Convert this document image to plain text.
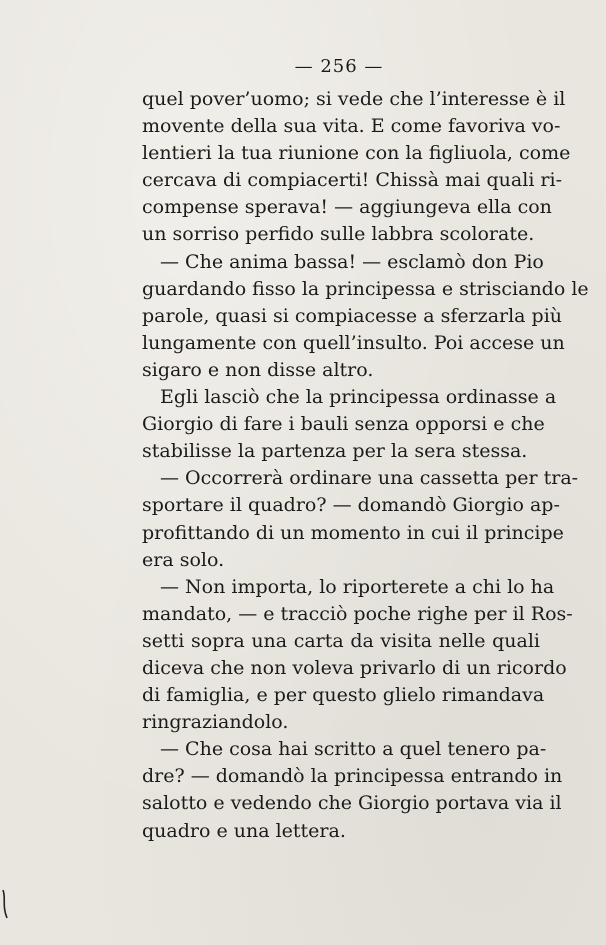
— 256 —
quel pover’uomo; si vede che l’interesse è il
movente della sua vita. E come favoriva vo-
lentieri la tua riunione con la figliuola, come
cercava di compiacerti! Chissà mai quali ri-
compense sperava! — aggiungeva ella con
un sorriso perfido sulle labbra scolorate.
— Che anima bassa! — esclamò don Pio
guardando fisso la principessa e strisciando le
parole, quasi si compiacesse a sferzarla più
lungamente con quell’insulto. Poi accese un
sigaro e non disse altro.
Egli lasciò che la principessa ordinasse a
Giorgio di fare i bauli senza opporsi e che
stabilisse la partenza per la sera stessa.
— Occorrerà ordinare una cassetta per tra-
sportare il quadro? — domandò Giorgio ap-
profittando di un momento in cui il principe
era solo.
— Non importa, lo riporterete a chi lo ha
mandato, — e tracciò poche righe per il Ros-
setti sopra una carta da visita nelle quali
diceva che non voleva privarlo di un ricordo
di famiglia, e per questo glielo rimandava
ringraziandolo.
— Che cosa hai scritto a quel tenero pa-
dre? — domandò la principessa entrando in
salotto e vedendo che Giorgio portava via il
quadro e una lettera.
